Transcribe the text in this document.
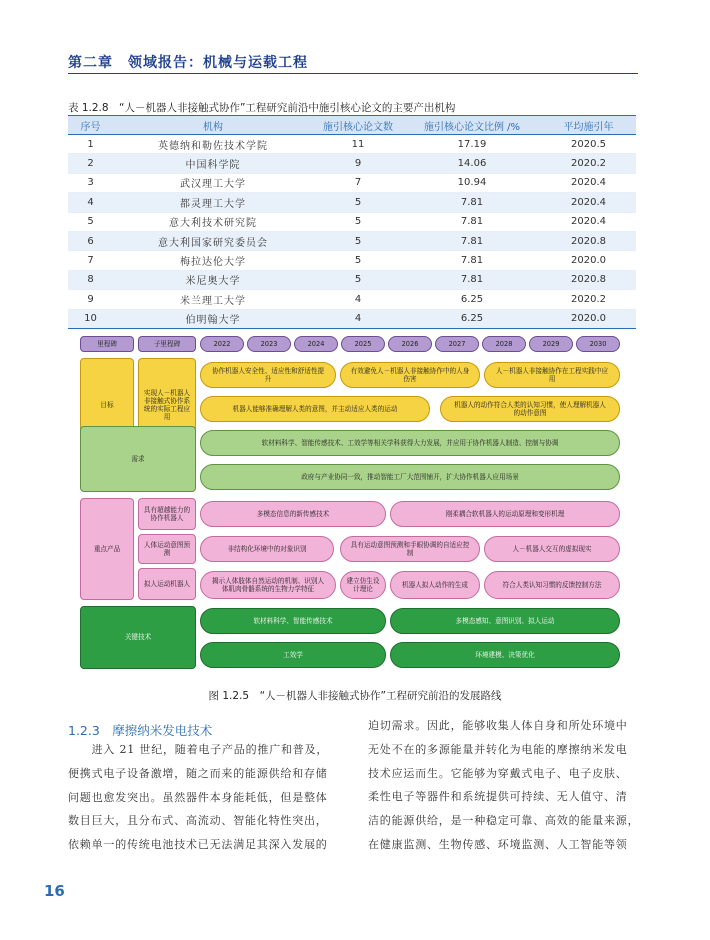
第二章　领域报告：机械与运载工程
表 1.2.8　“人－机器人非接触式协作”工程研究前沿中施引核心论文的主要产出机构
序号	机构	施引核心论文数	施引核心论文比例 /%	平均施引年
1	英德纳和勒佐技术学院	11	17.19	2020.5
2	中国科学院	9	14.06	2020.2
3	武汉理工大学	7	10.94	2020.4
4	都灵理工大学	5	7.81	2020.4
5	意大利技术研究院	5	7.81	2020.4
6	意大利国家研究委员会	5	7.81	2020.8
7	梅拉达伦大学	5	7.81	2020.0
8	米尼奥大学	5	7.81	2020.8
9	米兰理工大学	4	6.25	2020.2
10	伯明翰大学	4	6.25	2020.0
里程碑	子里程碑	2022	2023	2024	2025	2026	2027	2028	2029	2030
目标
实现人－机器人非接触式协作系统的实际工程应用
协作机器人安全性、适应性和舒适性提升
有效避免人－机器人非接触协作中的人身伤害
人－机器人非接触协作在工程实践中应用
机器人能够准确理解人类的意图，并主动适应人类的运动
机器人的动作符合人类的认知习惯，使人理解机器人的动作意图
需求
软材料科学、智能传感技术、工效学等相关学科获得大力发展，并应用于协作机器人制造、控制与协调
政府与产业协同一致，推动智能工厂大范围铺开，扩大协作机器人应用场景
重点产品
具有超越能力的协作机器人
人体运动意图预测
拟人运动机器人
多模态信息的新传感技术	刚柔耦合软机器人的运动原理和变形机理
非结构化环境中的对象识别
具有运动意图预测和手眼协调的自适应控制
人－机器人交互的虚拟现实
揭示人体肢体自然运动的机制、识别人体肌肉骨骼系统的生物力学特征
建立仿生设计理论
机器人拟人动作的生成	符合人类认知习惯的反馈控制方法
关键技术
软材料科学、智能传感技术	多模态感知、意图识别、拟人运动
工效学	环境建模、决策优化
图 1.2.5　“人－机器人非接触式协作”工程研究前沿的发展路线
1.2.3　摩擦纳米发电技术
　　进入 21 世纪，随着电子产品的推广和普及，
便携式电子设备激增，随之而来的能源供给和存储
问题也愈发突出。虽然器件本身能耗低，但是整体
数目巨大，且分布式、高流动、智能化特性突出，
依赖单一的传统电池技术已无法满足其深入发展的
迫切需求。因此，能够收集人体自身和所处环境中
无处不在的多源能量并转化为电能的摩擦纳米发电
技术应运而生。它能够为穿戴式电子、电子皮肤、
柔性电子等器件和系统提供可持续、无人值守、清
洁的能源供给，是一种稳定可靠、高效的能量来源，
在健康监测、生物传感、环境监测、人工智能等领
16
